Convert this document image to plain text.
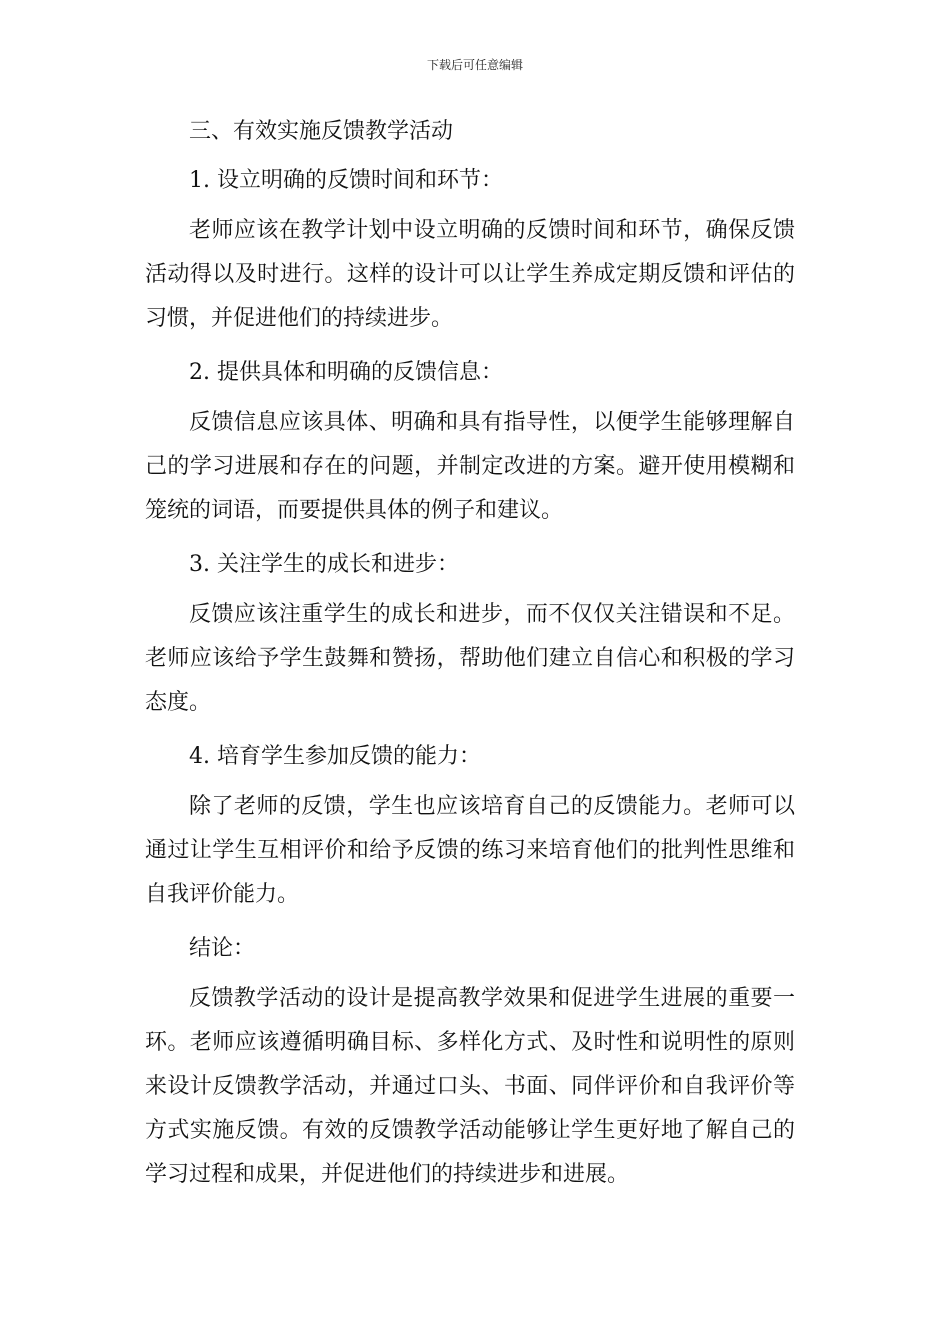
下载后可任意编辑

三、有效实施反馈教学活动

1. 设立明确的反馈时间和环节：

老师应该在教学计划中设立明确的反馈时间和环节，确保反馈活动得以及时进行。这样的设计可以让学生养成定期反馈和评估的习惯，并促进他们的持续进步。

2. 提供具体和明确的反馈信息：

反馈信息应该具体、明确和具有指导性，以便学生能够理解自己的学习进展和存在的问题，并制定改进的方案。避开使用模糊和笼统的词语，而要提供具体的例子和建议。

3. 关注学生的成长和进步：

反馈应该注重学生的成长和进步，而不仅仅关注错误和不足。老师应该给予学生鼓舞和赞扬，帮助他们建立自信心和积极的学习态度。

4. 培育学生参加反馈的能力：

除了老师的反馈，学生也应该培育自己的反馈能力。老师可以通过让学生互相评价和给予反馈的练习来培育他们的批判性思维和自我评价能力。

结论：

反馈教学活动的设计是提高教学效果和促进学生进展的重要一环。老师应该遵循明确目标、多样化方式、及时性和说明性的原则来设计反馈教学活动，并通过口头、书面、同伴评价和自我评价等方式实施反馈。有效的反馈教学活动能够让学生更好地了解自己的学习过程和成果，并促进他们的持续进步和进展。
